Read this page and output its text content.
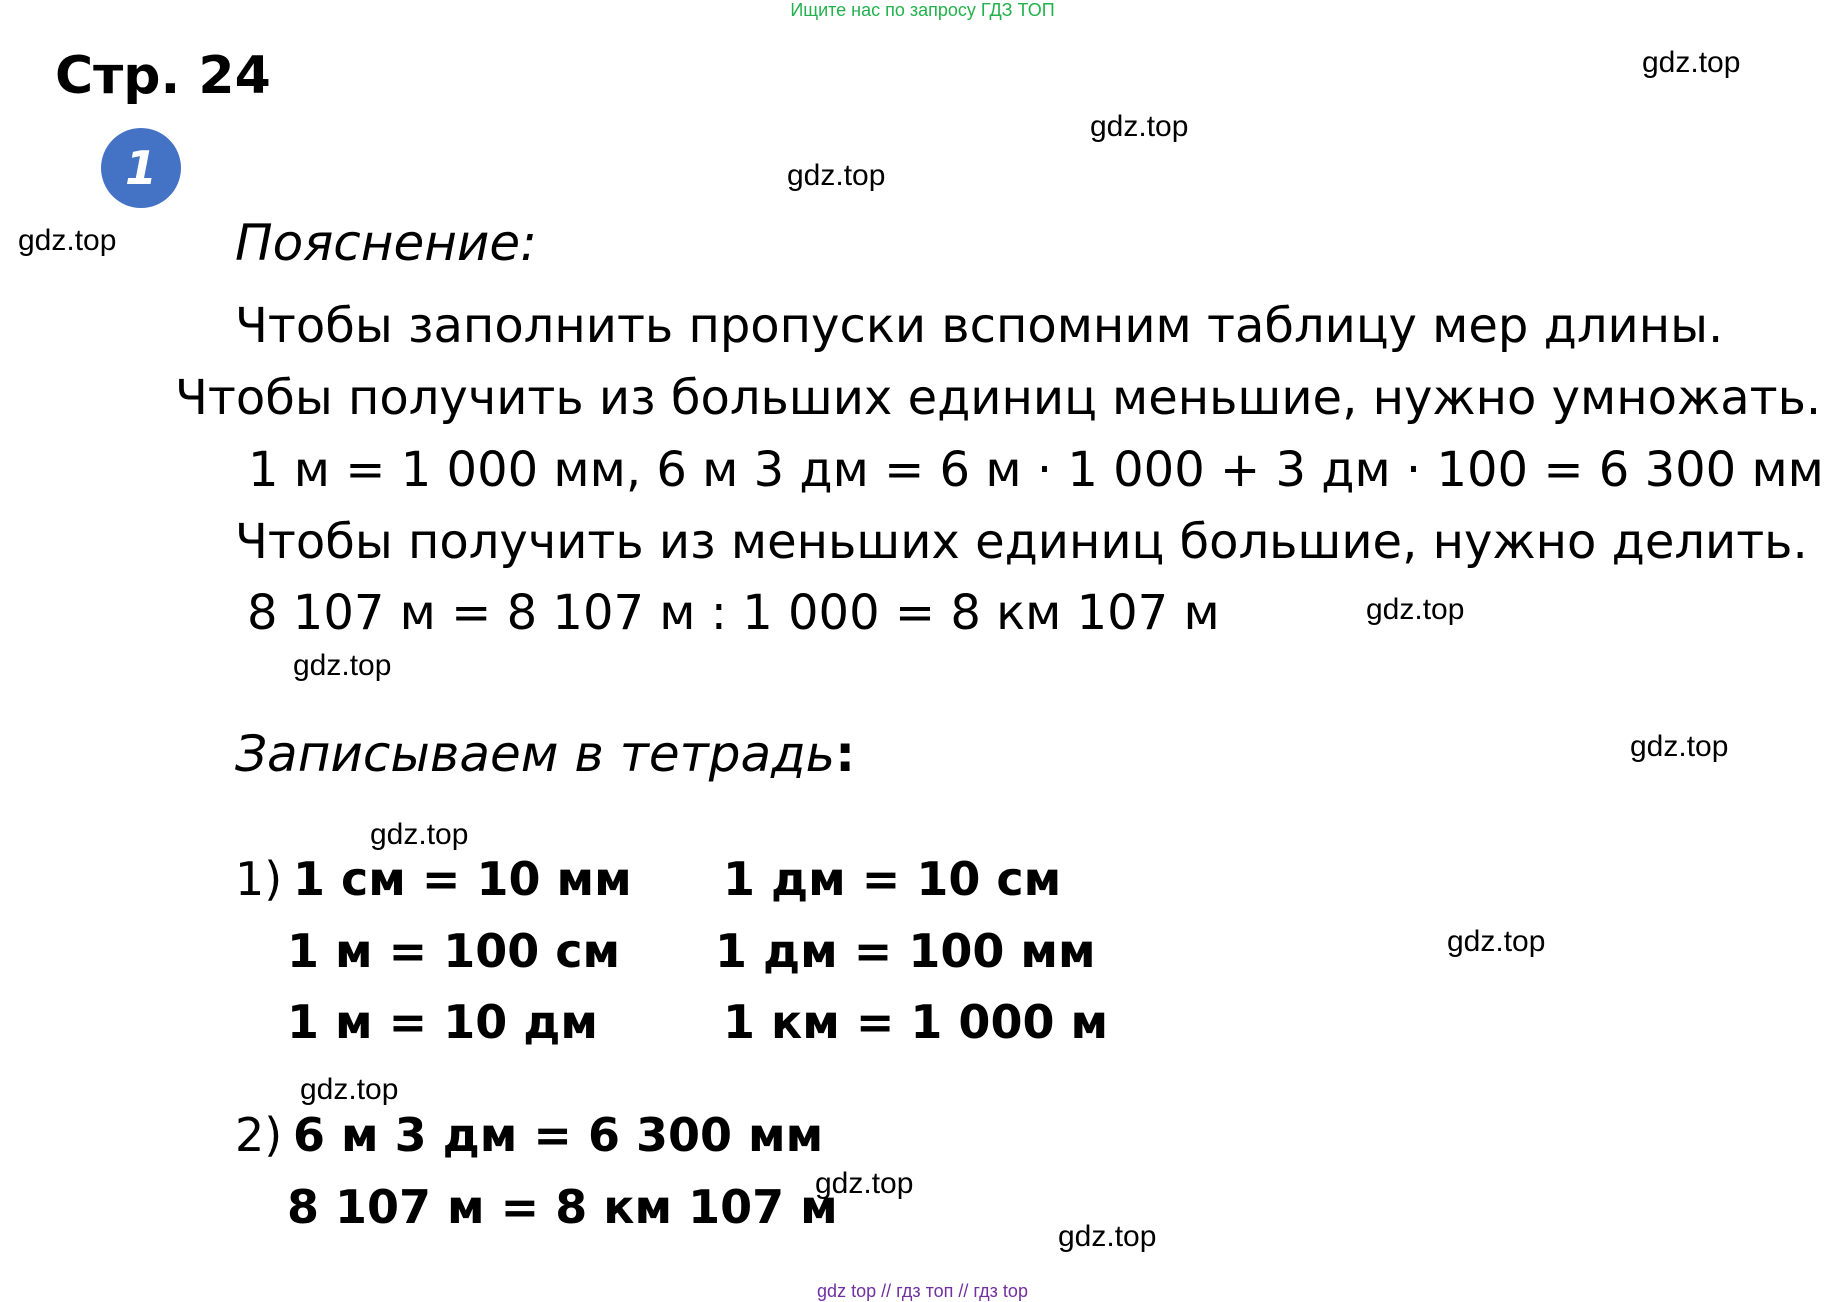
Ищите нас по запросу ГДЗ ТОП
Стр. 24
1
gdz.top
gdz.top
gdz.top
gdz.top
gdz.top
gdz.top
gdz.top
gdz.top
gdz.top
gdz.top
gdz.top
gdz.top
Пояснение:
Чтобы заполнить пропуски вспомним таблицу мер длины.
Чтобы получить из больших единиц меньшие, нужно умножать.
1 м = 1 000 мм, 6 м 3 дм = 6 м · 1 000 + 3 дм · 100 = 6 300 мм
Чтобы получить из меньших единиц большие, нужно делить.
8 107 м = 8 107 м : 1 000 = 8 км 107 м
Записываем в тетрадь:
1) 1 см = 10 мм 1 дм = 10 см
1 м = 100 см 1 дм = 100 мм
1 м = 10 дм	1 км = 1 000 м
2) 6 м 3 дм = 6 300 мм
8 107 м = 8 км 107 м
gdz top // гдз топ // гдз top
